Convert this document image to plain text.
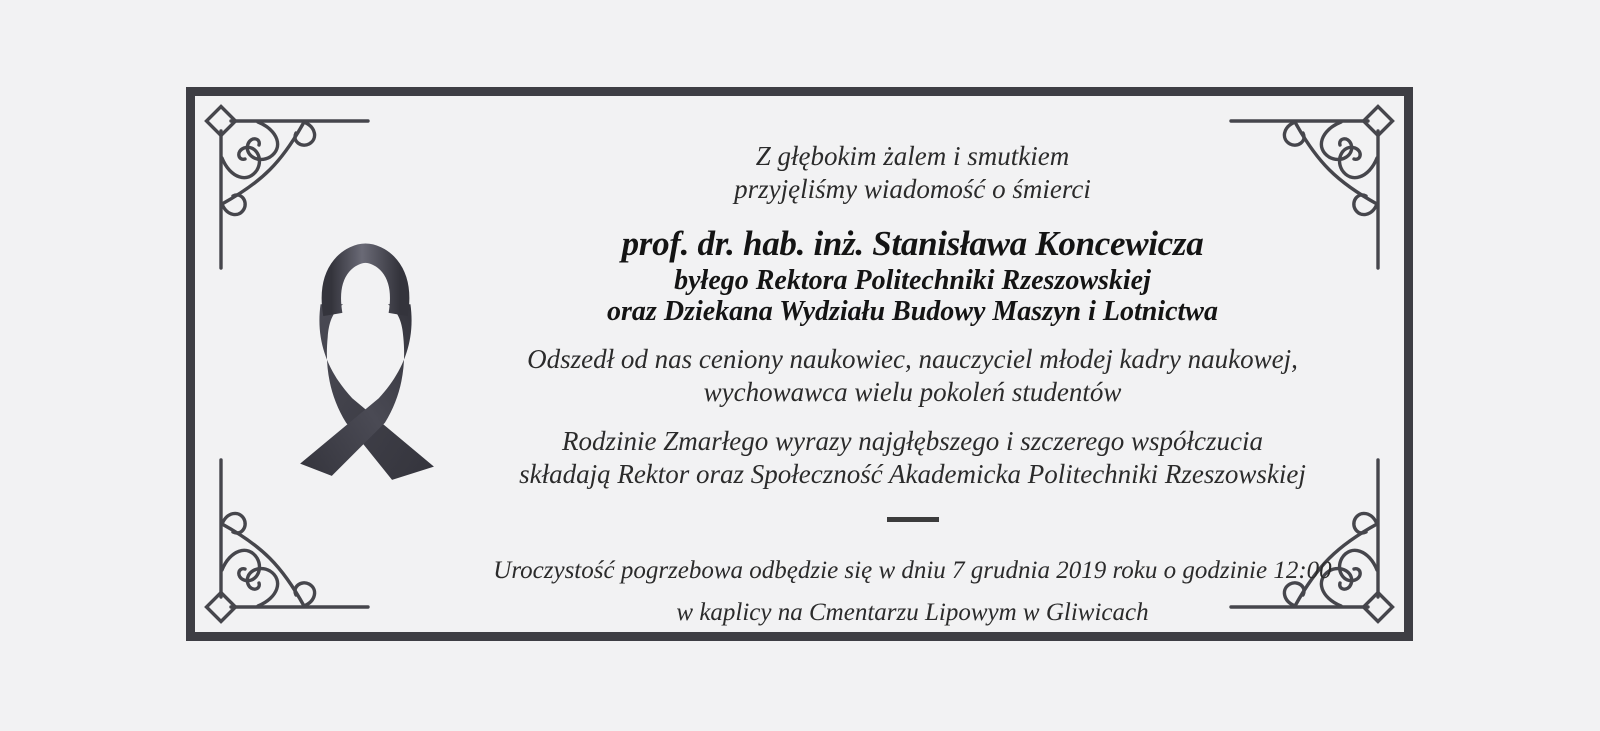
Z głębokim żalem i smutkiem
przyjęliśmy wiadomość o śmierci
prof. dr. hab. inż. Stanisława Koncewicza
byłego Rektora Politechniki Rzeszowskiej
oraz Dziekana Wydziału Budowy Maszyn i Lotnictwa
Odszedł od nas ceniony naukowiec, nauczyciel młodej kadry naukowej,
wychowawca wielu pokoleń studentów
Rodzinie Zmarłego wyrazy najgłębszego i szczerego współczucia
składają Rektor oraz Społeczność Akademicka Politechniki Rzeszowskiej
Uroczystość pogrzebowa odbędzie się w dniu 7 grudnia 2019 roku o godzinie 12:00
w kaplicy na Cmentarzu Lipowym w Gliwicach
